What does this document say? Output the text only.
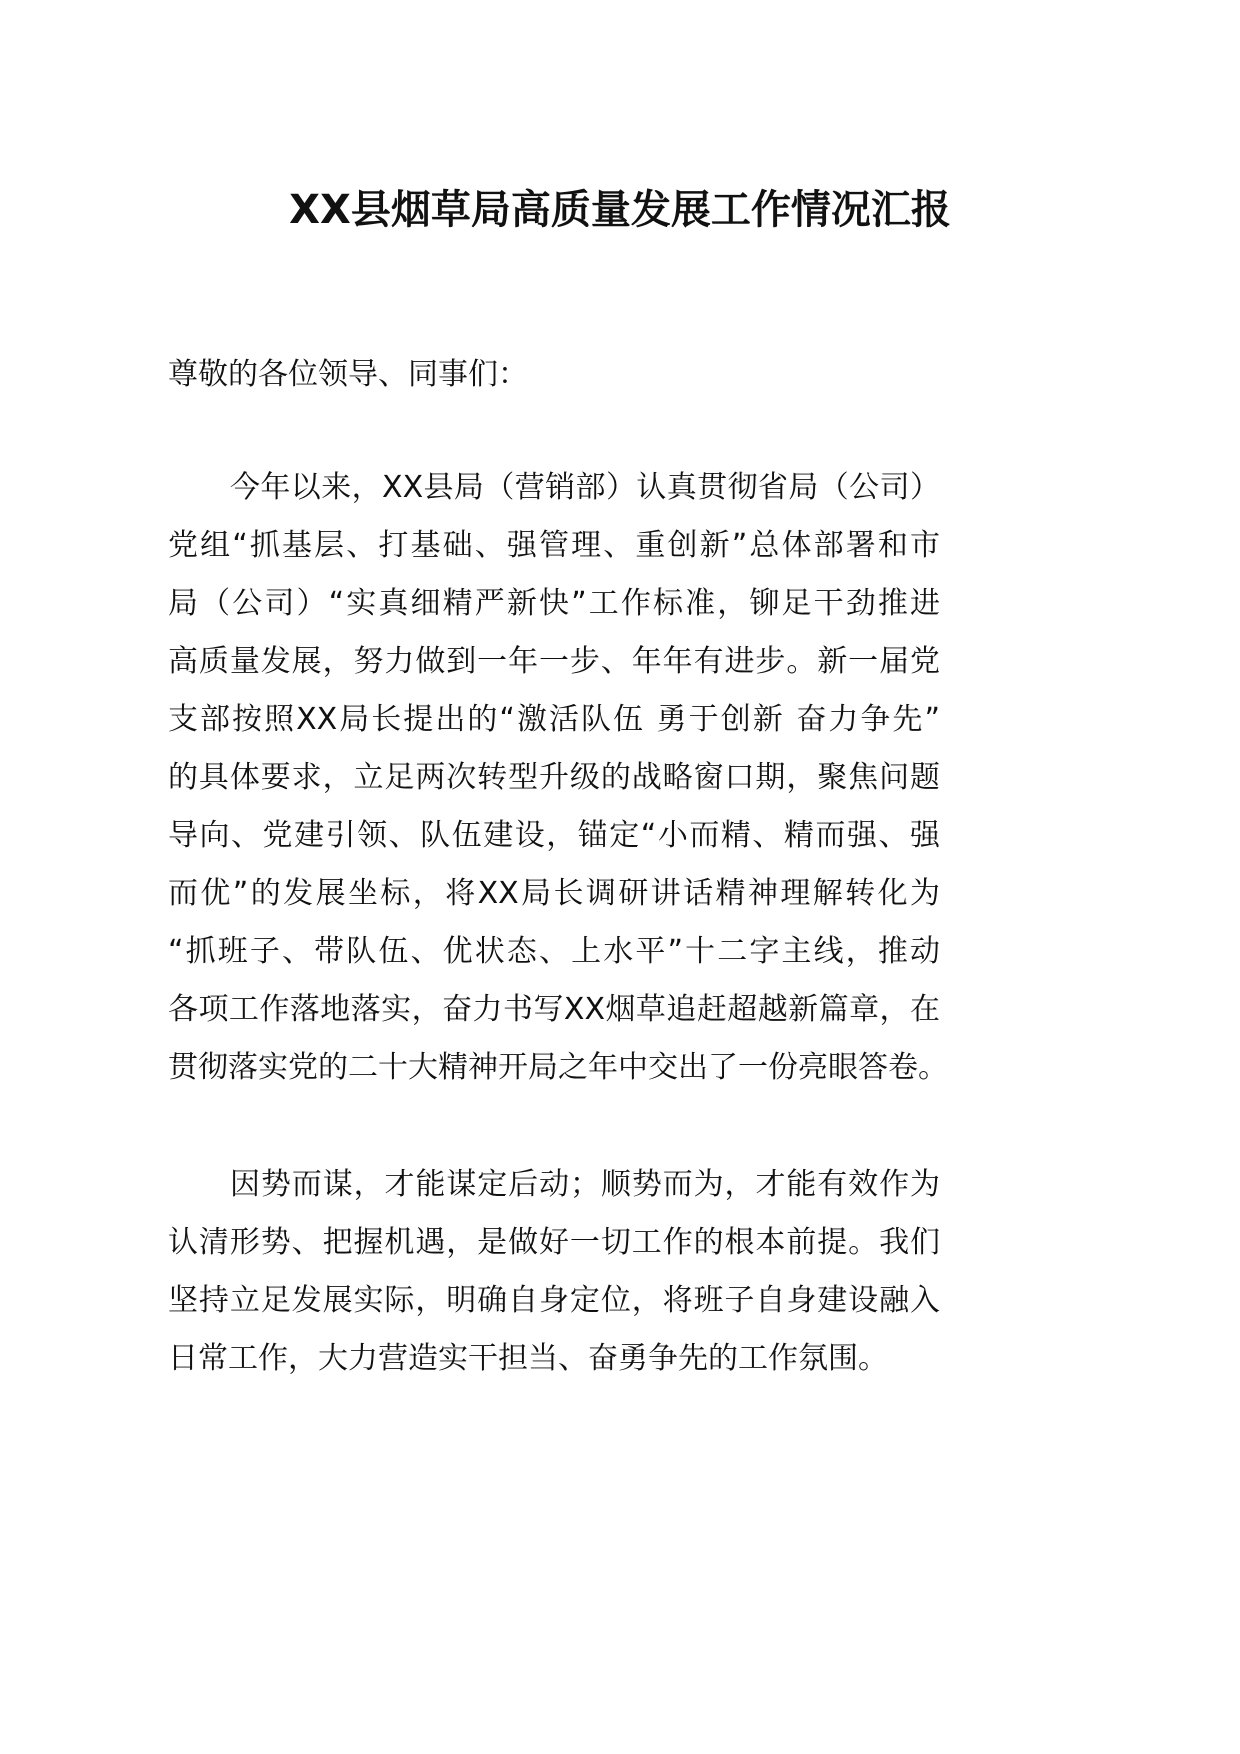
XX县烟草局高质量发展工作情况汇报
尊敬的各位领导、同事们：
今年以来，XX县局（营销部）认真贯彻省局（公司）
党组“抓基层、打基础、强管理、重创新”总体部署和市
局（公司）“实真细精严新快”工作标准，铆足干劲推进
高质量发展，努力做到一年一步、年年有进步。新一届党
支部按照XX局长提出的“激活队伍 勇于创新 奋力争先”
的具体要求，立足两次转型升级的战略窗口期，聚焦问题
导向、党建引领、队伍建设，锚定“小而精、精而强、强
而优”的发展坐标，将XX局长调研讲话精神理解转化为
“抓班子、带队伍、优状态、上水平”十二字主线，推动
各项工作落地落实，奋力书写XX烟草追赶超越新篇章，在
贯彻落实党的二十大精神开局之年中交出了一份亮眼答卷。
因势而谋，才能谋定后动；顺势而为，才能有效作为
认清形势、把握机遇，是做好一切工作的根本前提。我们
坚持立足发展实际，明确自身定位，将班子自身建设融入
日常工作，大力营造实干担当、奋勇争先的工作氛围。
